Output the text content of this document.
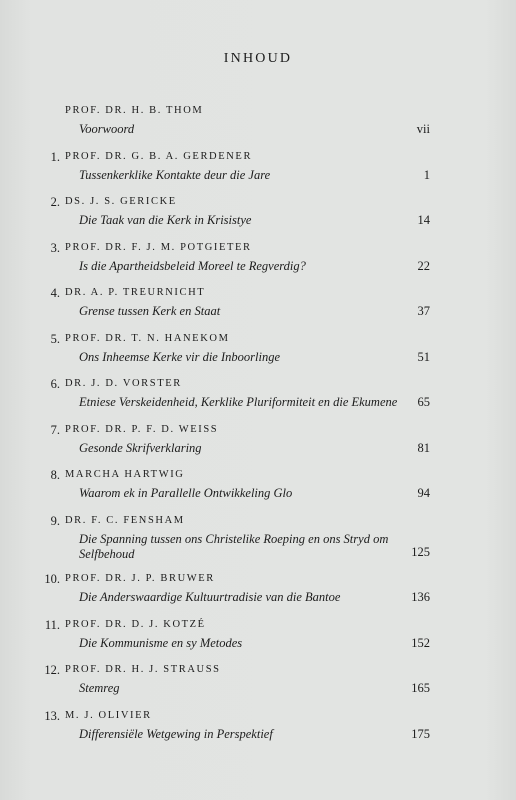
INHOUD
PROF. DR. H. B. THOM
Voorwoord	vii
1. PROF. DR. G. B. A. GERDENER
Tussenkerklike Kontakte deur die Jare	1
2. DS. J. S. GERICKE
Die Taak van die Kerk in Krisistye	14
3. PROF. DR. F. J. M. POTGIETER
Is die Apartheidsbeleid Moreel te Regverdig?	22
4. DR. A. P. TREURNICHT
Grense tussen Kerk en Staat	37
5. PROF. DR. T. N. HANEKOM
Ons Inheemse Kerke vir die Inboorlinge	51
6. DR. J. D. VORSTER
Etniese Verskeidenheid, Kerklike Pluriformiteit en die Ekumene	65
7. PROF. DR. P. F. D. WEISS
Gesonde Skrifverklaring	81
8. MARCHA HARTWIG
Waarom ek in Parallelle Ontwikkeling Glo	94
9. DR. F. C. FENSHAM
Die Spanning tussen ons Christelike Roeping en ons Stryd om Selfbehoud	125
10. PROF. DR. J. P. BRUWER
Die Anderswaardige Kultuurtradisie van die Bantoe	136
11. PROF. DR. D. J. KOTZÉ
Die Kommunisme en sy Metodes	152
12. PROF. DR. H. J. STRAUSS
Stemreg	165
13. M. J. OLIVIER
Differensiële Wetgewing in Perspektief	175
